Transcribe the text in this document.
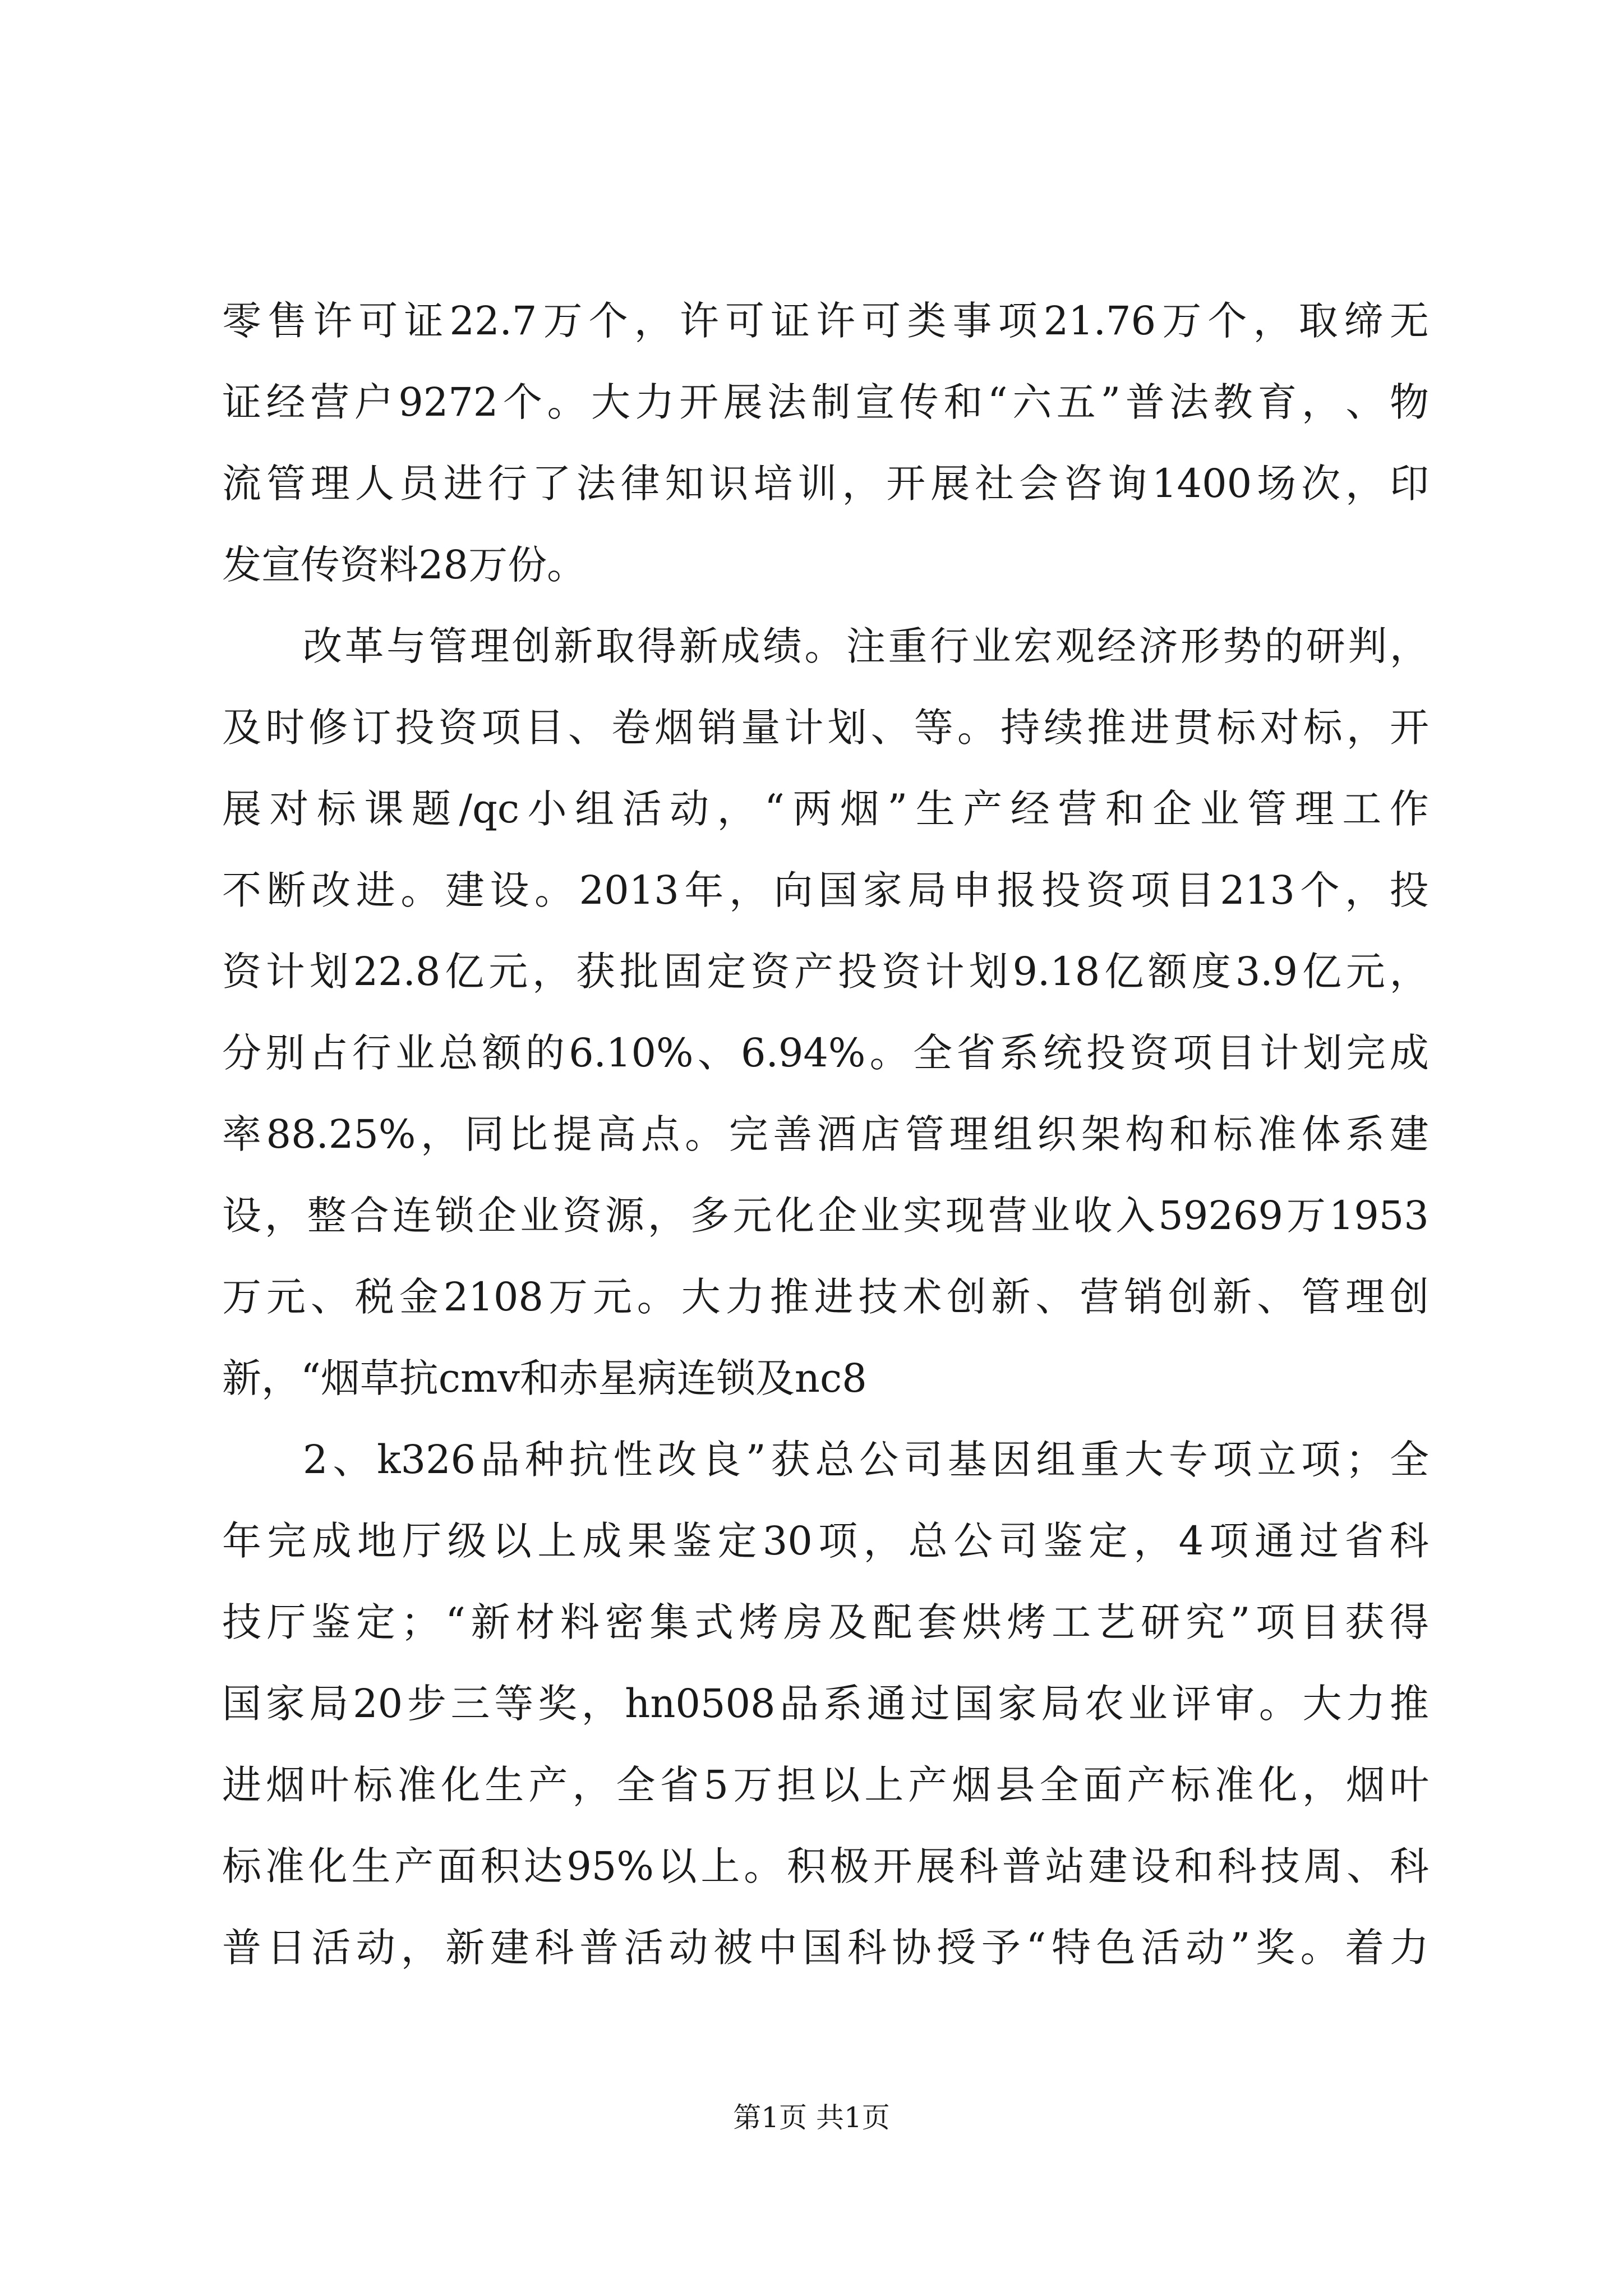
零 售 许 可 证 22.7 万 个 ， 许 可 证 许 可 类 事 项 21.76 万 个 ， 取 缔 无
证 经 营 户 9272 个 。 大 力 开 展 法 制 宣 传 和 “ 六 五 ” 普 法 教 育 ， 、 物
流 管 理 人 员 进 行 了 法 律 知 识 培 训 ， 开 展 社 会 咨 询 1400 场 次 ， 印
发宣传资料28万份。
改 革 与 管 理 创 新 取 得 新 成 绩 。 注 重 行 业 宏 观 经 济 形 势 的 研 判 ，
及 时 修 订 投 资 项 目 、 卷 烟 销 量 计 划 、 等 。 持 续 推 进 贯 标 对 标 ， 开
展 对 标 课 题 /qc 小 组 活 动 ， “ 两 烟 ” 生 产 经 营 和 企 业 管 理 工 作
不 断 改 进 。 建 设 。 2013 年 ， 向 国 家 局 申 报 投 资 项 目 213 个 ， 投
资 计 划 22.8 亿 元 ， 获 批 固 定 资 产 投 资 计 划 9.18 亿 额 度 3.9 亿 元 ，
分 别 占 行 业 总 额 的 6.10% 、 6.94% 。 全 省 系 统 投 资 项 目 计 划 完 成
率 88.25% ， 同 比 提 高 点 。 完 善 酒 店 管 理 组 织 架 构 和 标 准 体 系 建
设 ， 整 合 连 锁 企 业 资 源 ， 多 元 化 企 业 实 现 营 业 收 入 59269 万 1953
万 元 、 税 金 2108 万 元 。 大 力 推 进 技 术 创 新 、 营 销 创 新 、 管 理 创
新，“烟草抗cmv和赤星病连锁及nc8
2 、 k326 品 种 抗 性 改 良 ” 获 总 公 司 基 因 组 重 大 专 项 立 项 ； 全
年 完 成 地 厅 级 以 上 成 果 鉴 定 30 项 ， 总 公 司 鉴 定 ， 4 项 通 过 省 科
技 厅 鉴 定 ； “ 新 材 料 密 集 式 烤 房 及 配 套 烘 烤 工 艺 研 究 ” 项 目 获 得
国 家 局 20 步 三 等 奖 ， hn0508 品 系 通 过 国 家 局 农 业 评 审 。 大 力 推
进 烟 叶 标 准 化 生 产 ， 全 省 5 万 担 以 上 产 烟 县 全 面 产 标 准 化 ， 烟 叶
标 准 化 生 产 面 积 达 95% 以 上 。 积 极 开 展 科 普 站 建 设 和 科 技 周 、 科
普 日 活 动 ， 新 建 科 普 活 动 被 中 国 科 协 授 予 “ 特 色 活 动 ” 奖 。 着 力
第1页 共1页
